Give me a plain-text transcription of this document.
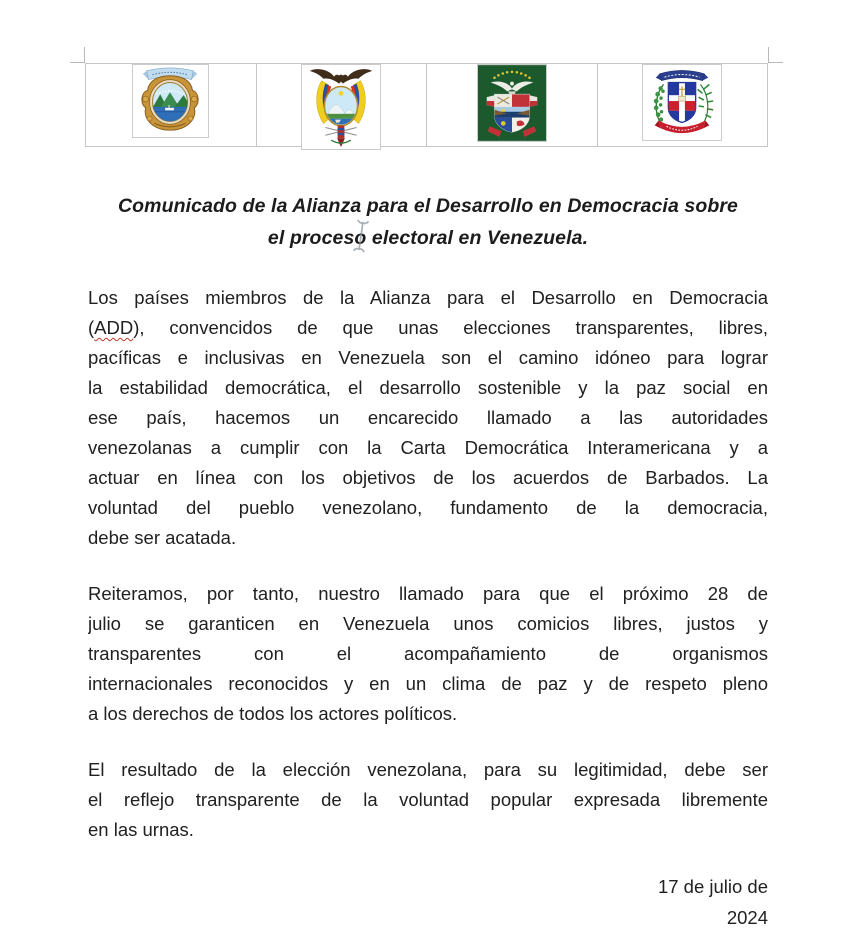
Comunicado de la Alianza para el Desarrollo en Democracia sobre
el proceso electoral en Venezuela.
Los países miembros de la Alianza para el Desarrollo en Democracia
(ADD), convencidos de que unas elecciones transparentes, libres,
pacíficas e inclusivas en Venezuela son el camino idóneo para lograr
la estabilidad democrática, el desarrollo sostenible y la paz social en
ese país, hacemos un encarecido llamado a las autoridades
venezolanas a cumplir con la Carta Democrática Interamericana y a
actuar en línea con los objetivos de los acuerdos de Barbados. La
voluntad del pueblo venezolano, fundamento de la democracia,
debe ser acatada.
Reiteramos, por tanto, nuestro llamado para que el próximo 28 de
julio se garanticen en Venezuela unos comicios libres, justos y
transparentes con el acompañamiento de organismos
internacionales reconocidos y en un clima de paz y de respeto pleno
a los derechos de todos los actores políticos.
El resultado de la elección venezolana, para su legitimidad, debe ser
el reflejo transparente de la voluntad popular expresada libremente
en las urnas.
17 de julio de
2024
